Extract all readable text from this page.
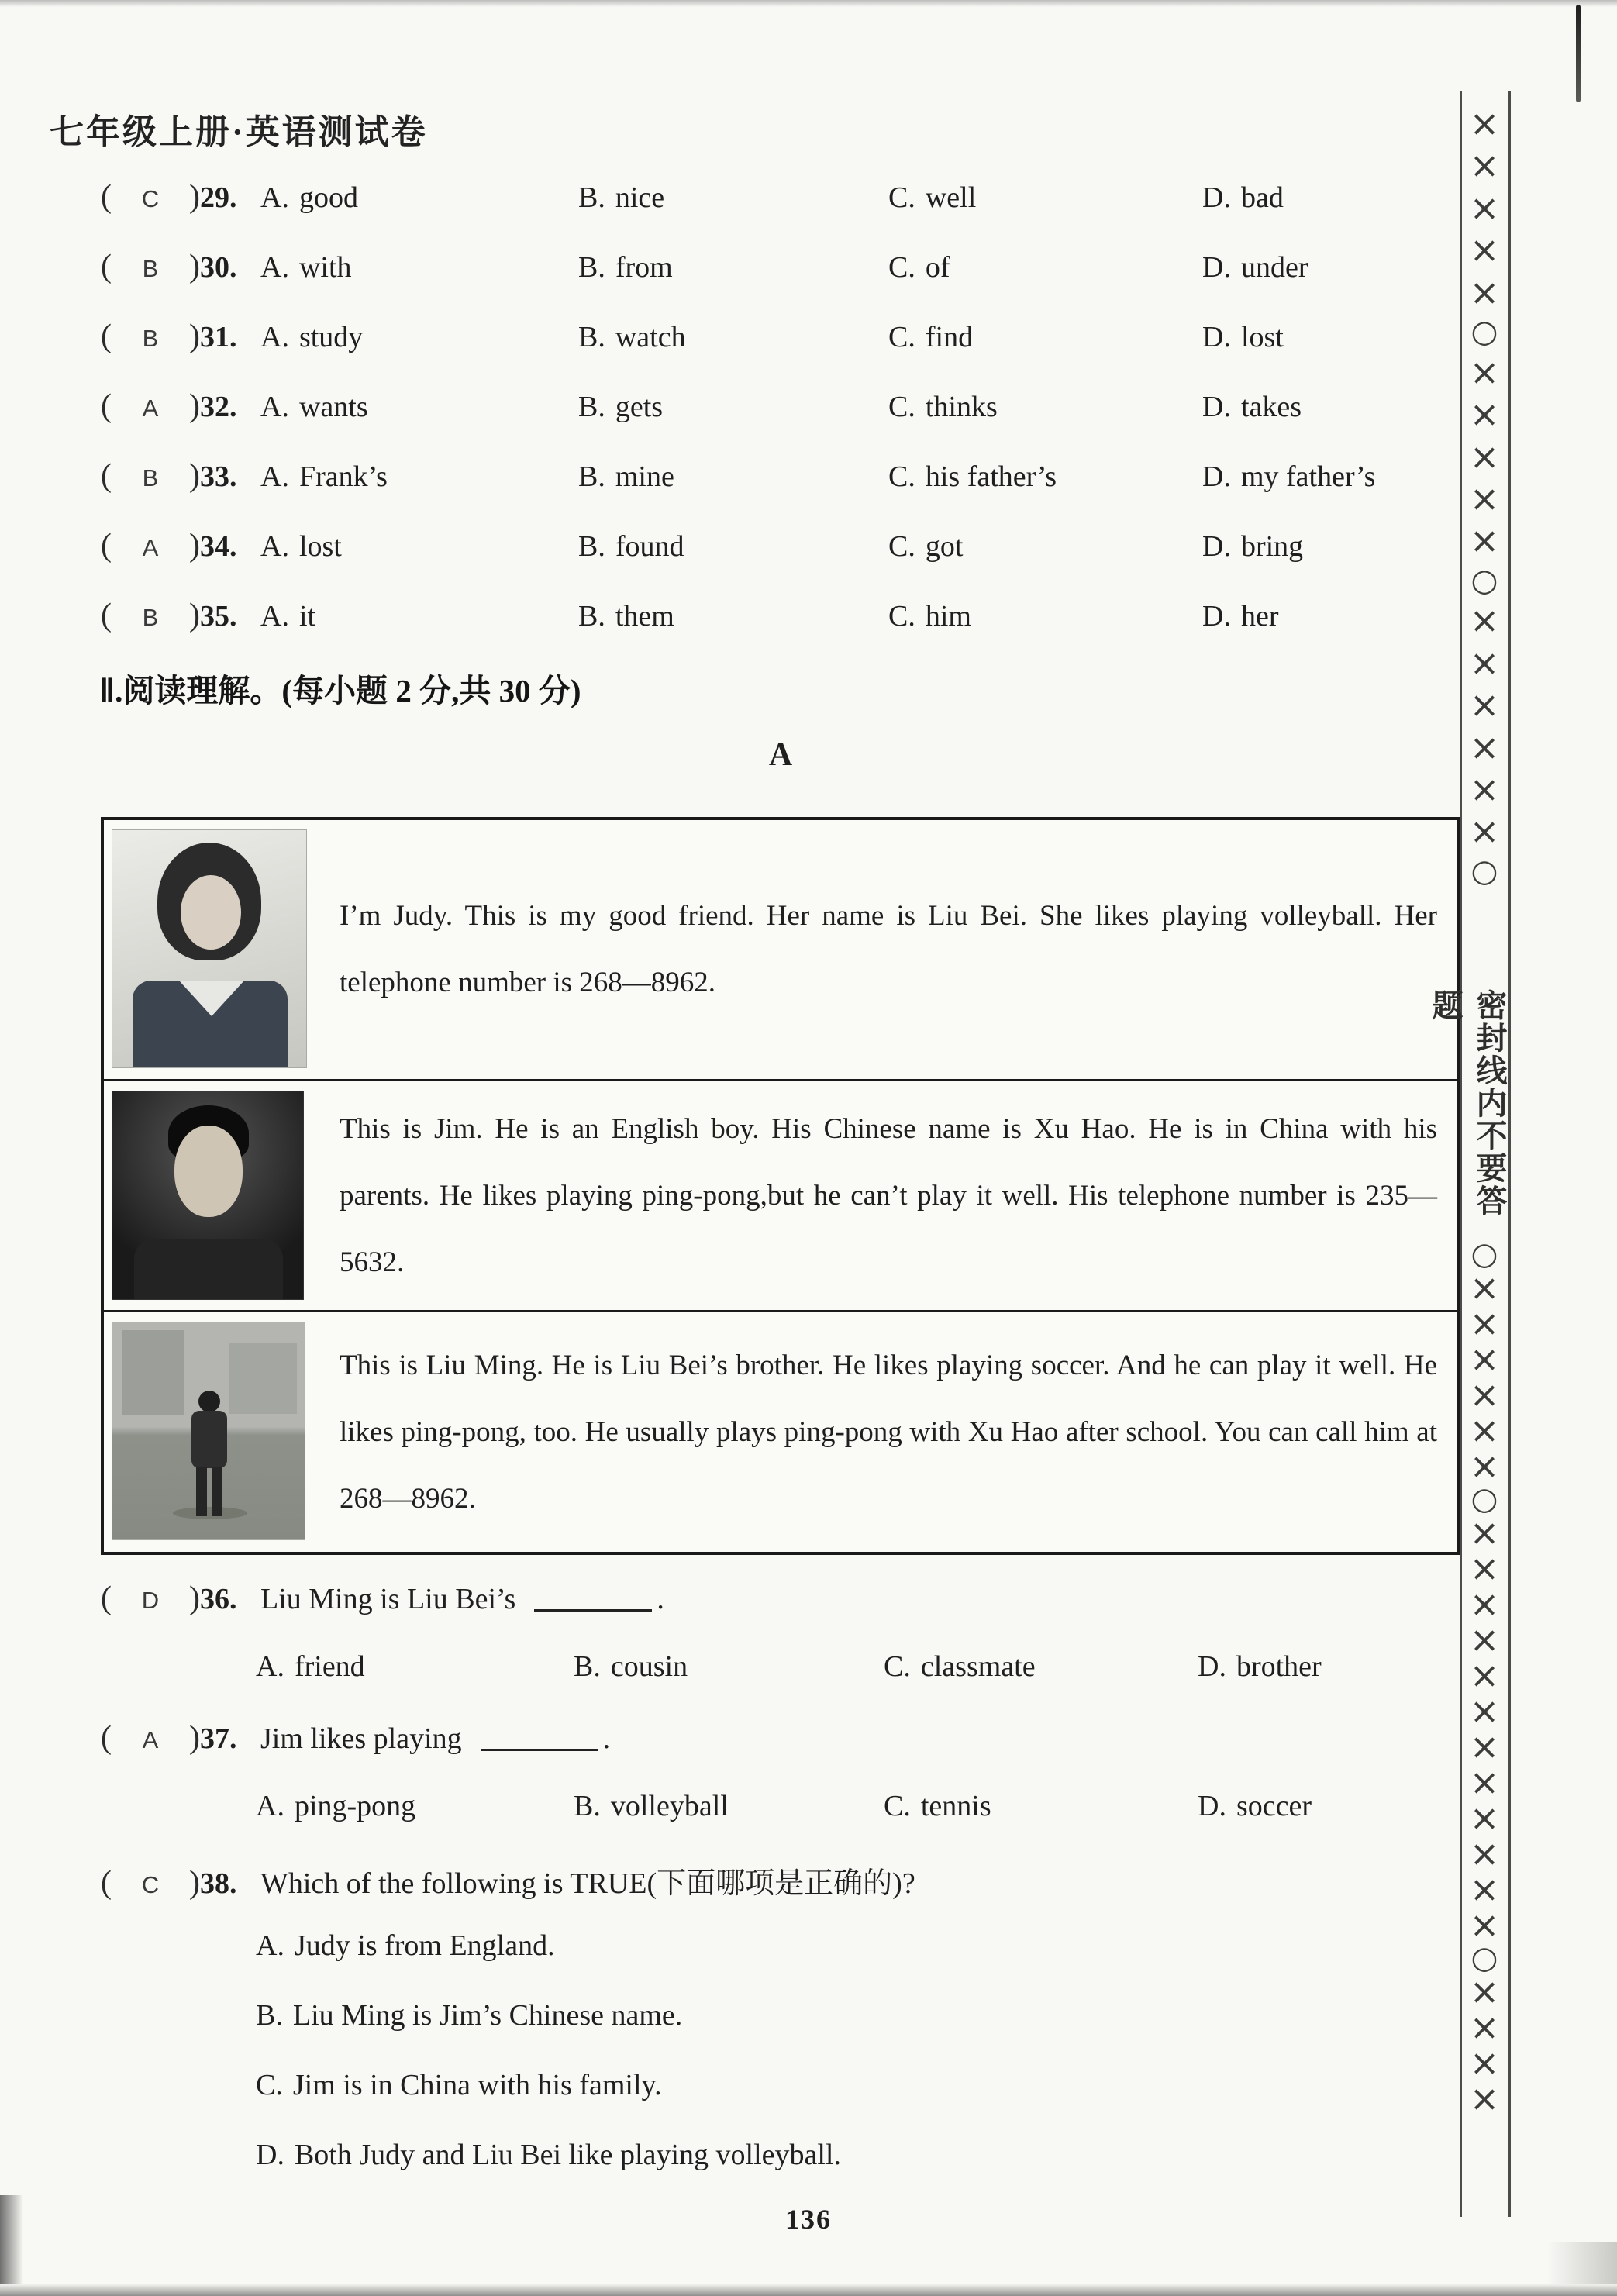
七年级上册·英语测试卷
( C ) 29. A. good	B. nice	C. well	D. bad
( B ) 30. A. with	B. from	C. of	D. under
( B ) 31. A. study	B. watch	C. find	D. lost
( A ) 32. A. wants	B. gets	C. thinks	D. takes
( B ) 33. A. Frank’s	B. mine	C. his father’s	D. my father’s
( A ) 34. A. lost	B. found	C. got	D. bring
( B ) 35. A. it	B. them	C. him	D. her
Ⅱ.阅读理解。(每小题 2 分,共 30 分)
A

I’m Judy. This is my good friend. Her name is Liu Bei. She likes playing volleyball. Her telephone number is 268—8962.

This is Jim. He is an English boy. His Chinese name is Xu Hao. He is in China with his parents. He likes playing ping-pong,but he can’t play it well. His telephone number is 235—5632.

This is Liu Ming. He is Liu Bei’s brother. He likes playing soccer. And he can play it well. He likes ping-pong, too. He usually plays ping-pong with Xu Hao after school. You can call him at 268—8962.

( D ) 36. Liu Ming is Liu Bei’s	.
A. friend	B. cousin	C. classmate	D. brother
( A ) 37. Jim likes playing	.
A. ping-pong	B. volleyball	C. tennis	D. soccer
( C ) 38. Which of the following is TRUE(下面哪项是正确的)?
A. Judy is from England.
B. Liu Ming is Jim’s Chinese name.
C. Jim is in China with his family.
D. Both Judy and Liu Bei like playing volleyball.
136
×
×
×
×
×
○
×
×
×
×
×
○
×
×
×
×
×
×
○
密封线内不要答题
○
×
×
×
×
×
×
○
×
×
×
×
×
×
×
×
×
×
×
×
○
×
×
×
×
